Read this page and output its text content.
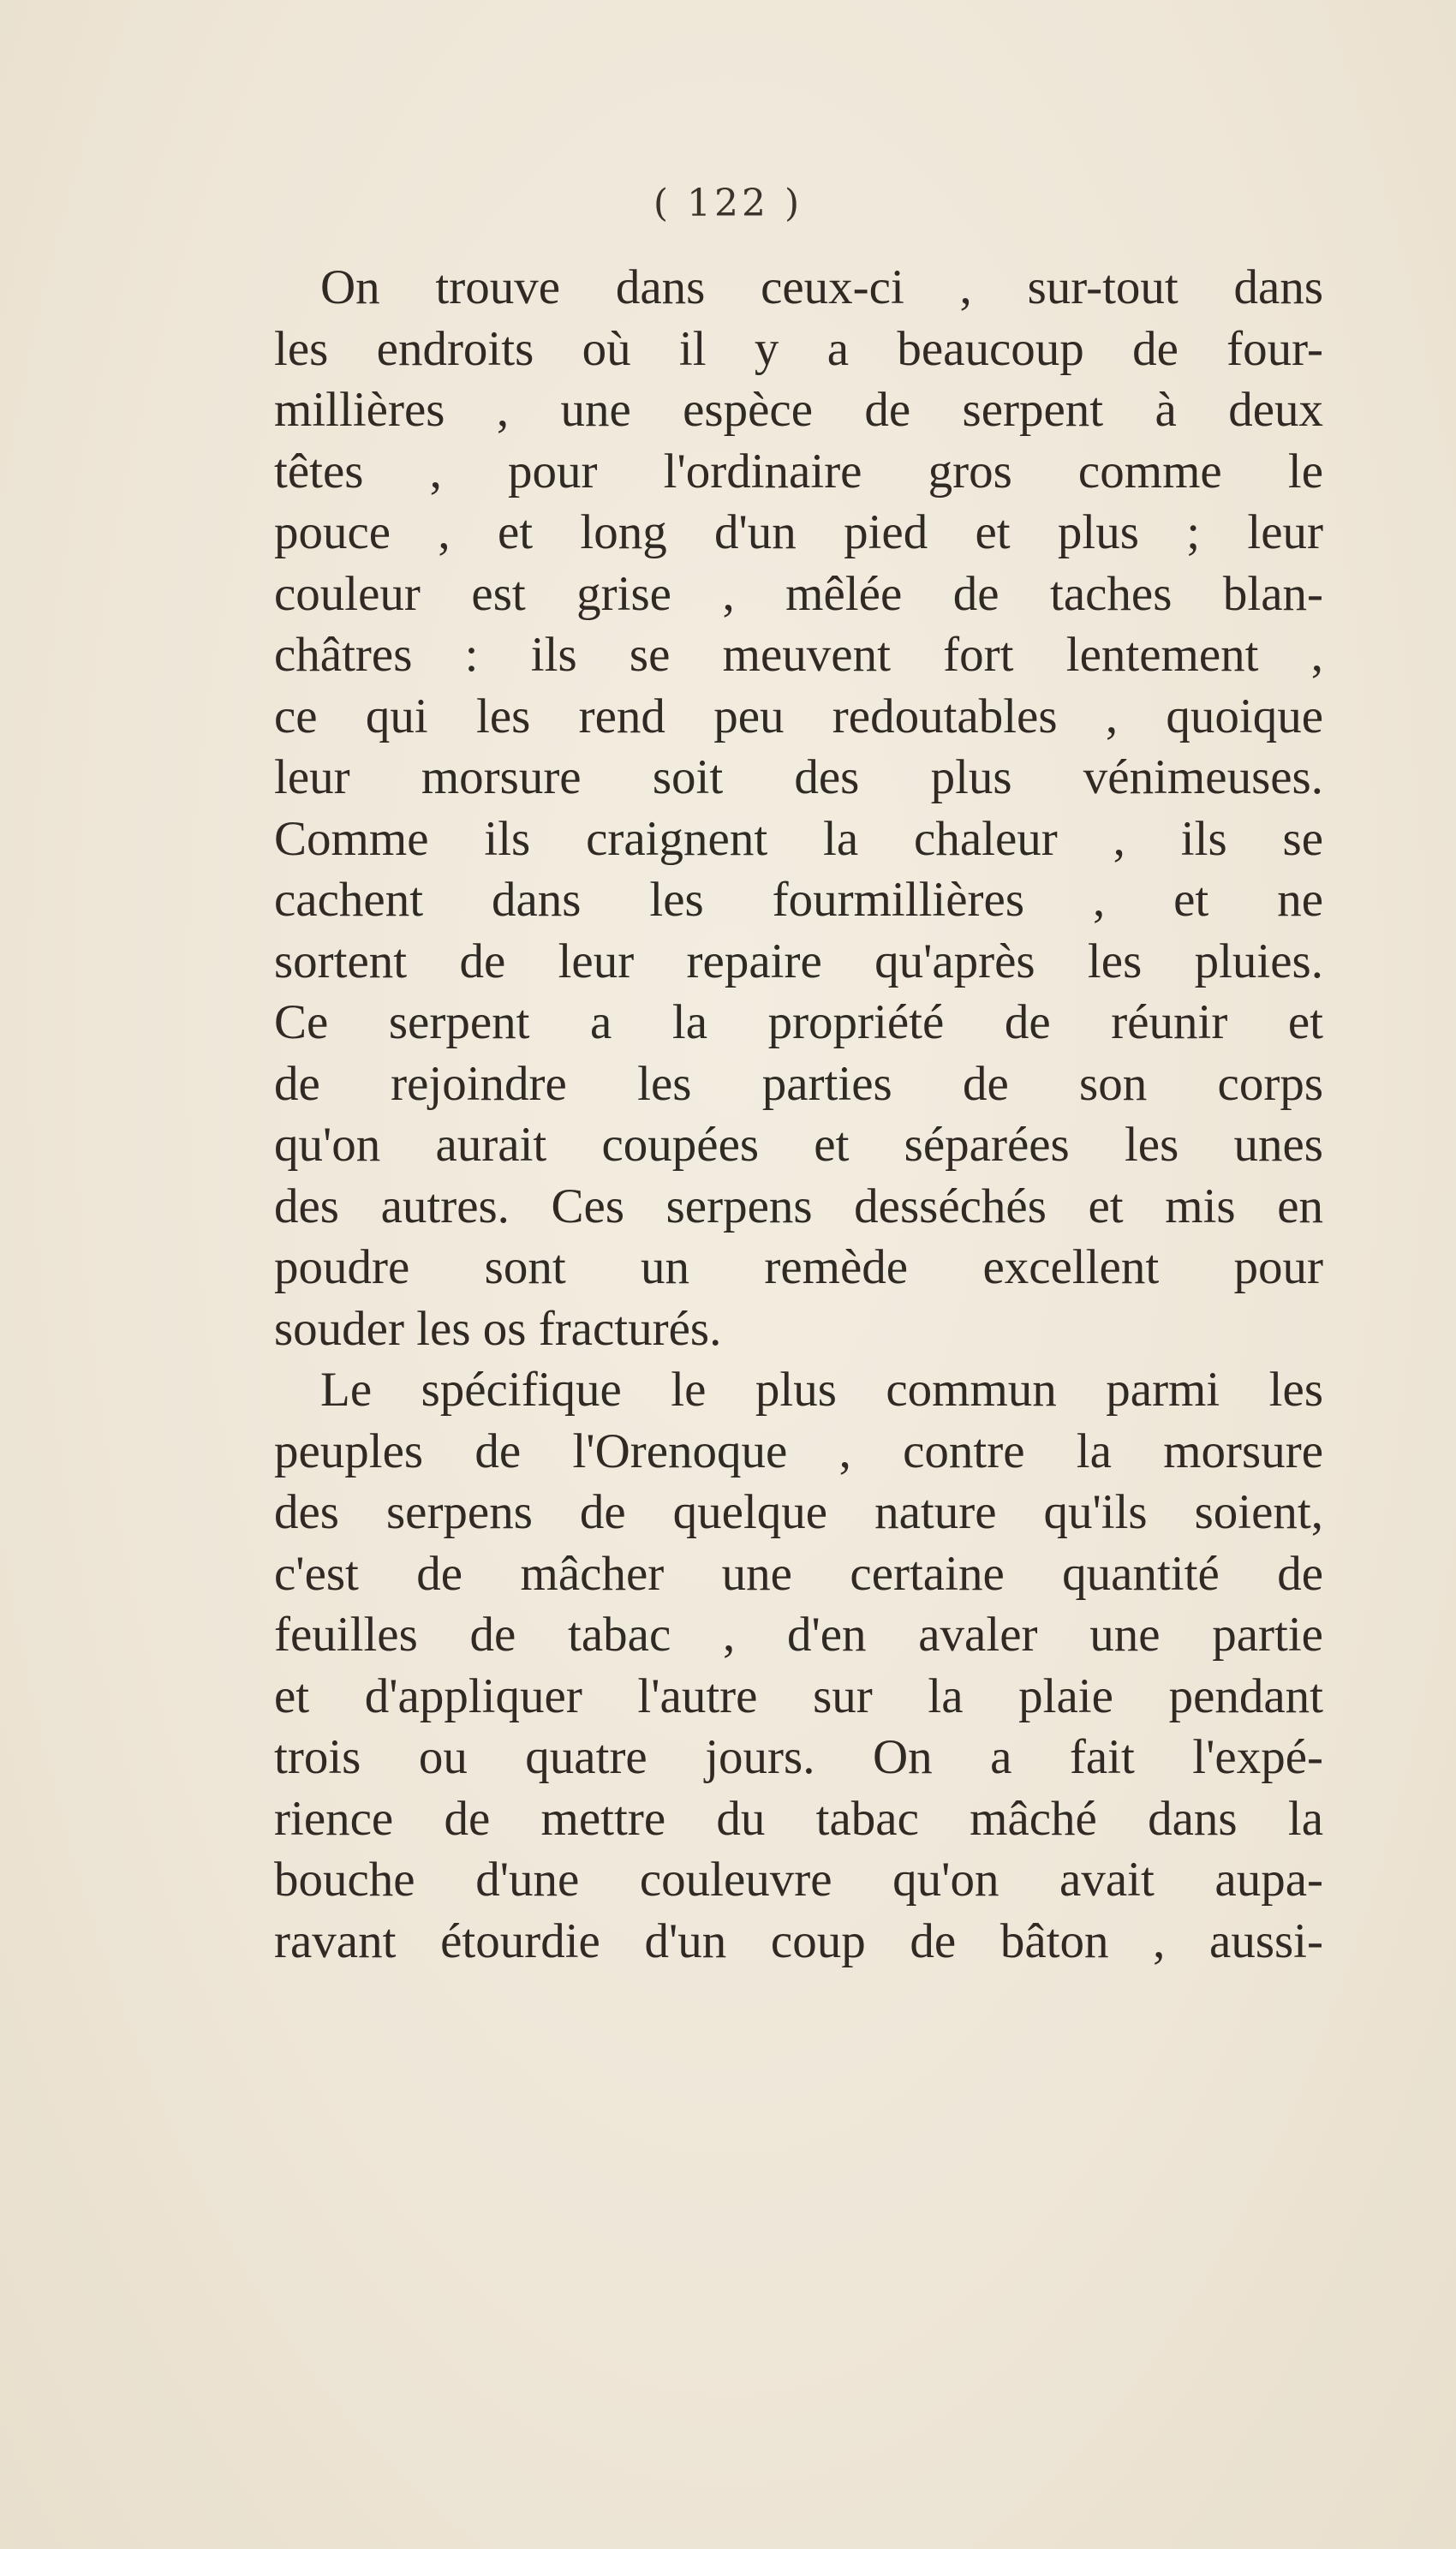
( 122 )
On trouve dans ceux-ci , sur-tout dans
les endroits où il y a beaucoup de four-
millières , une espèce de serpent à deux
têtes , pour l'ordinaire gros comme le
pouce , et long d'un pied et plus ; leur
couleur est grise , mêlée de taches blan-
châtres : ils se meuvent fort lentement ,
ce qui les rend peu redoutables , quoique
leur morsure soit des plus vénimeuses.
Comme ils craignent la chaleur , ils se
cachent dans les fourmillières , et ne
sortent de leur repaire qu'après les pluies.
Ce serpent a la propriété de réunir et
de rejoindre les parties de son corps
qu'on aurait coupées et séparées les unes
des autres. Ces serpens desséchés et mis en
poudre sont un remède excellent pour
souder les os fracturés.
Le spécifique le plus commun parmi les
peuples de l'Orenoque , contre la morsure
des serpens de quelque nature qu'ils soient,
c'est de mâcher une certaine quantité de
feuilles de tabac , d'en avaler une partie
et d'appliquer l'autre sur la plaie pendant
trois ou quatre jours. On a fait l'expé-
rience de mettre du tabac mâché dans la
bouche d'une couleuvre qu'on avait aupa-
ravant étourdie d'un coup de bâton , aussi-
